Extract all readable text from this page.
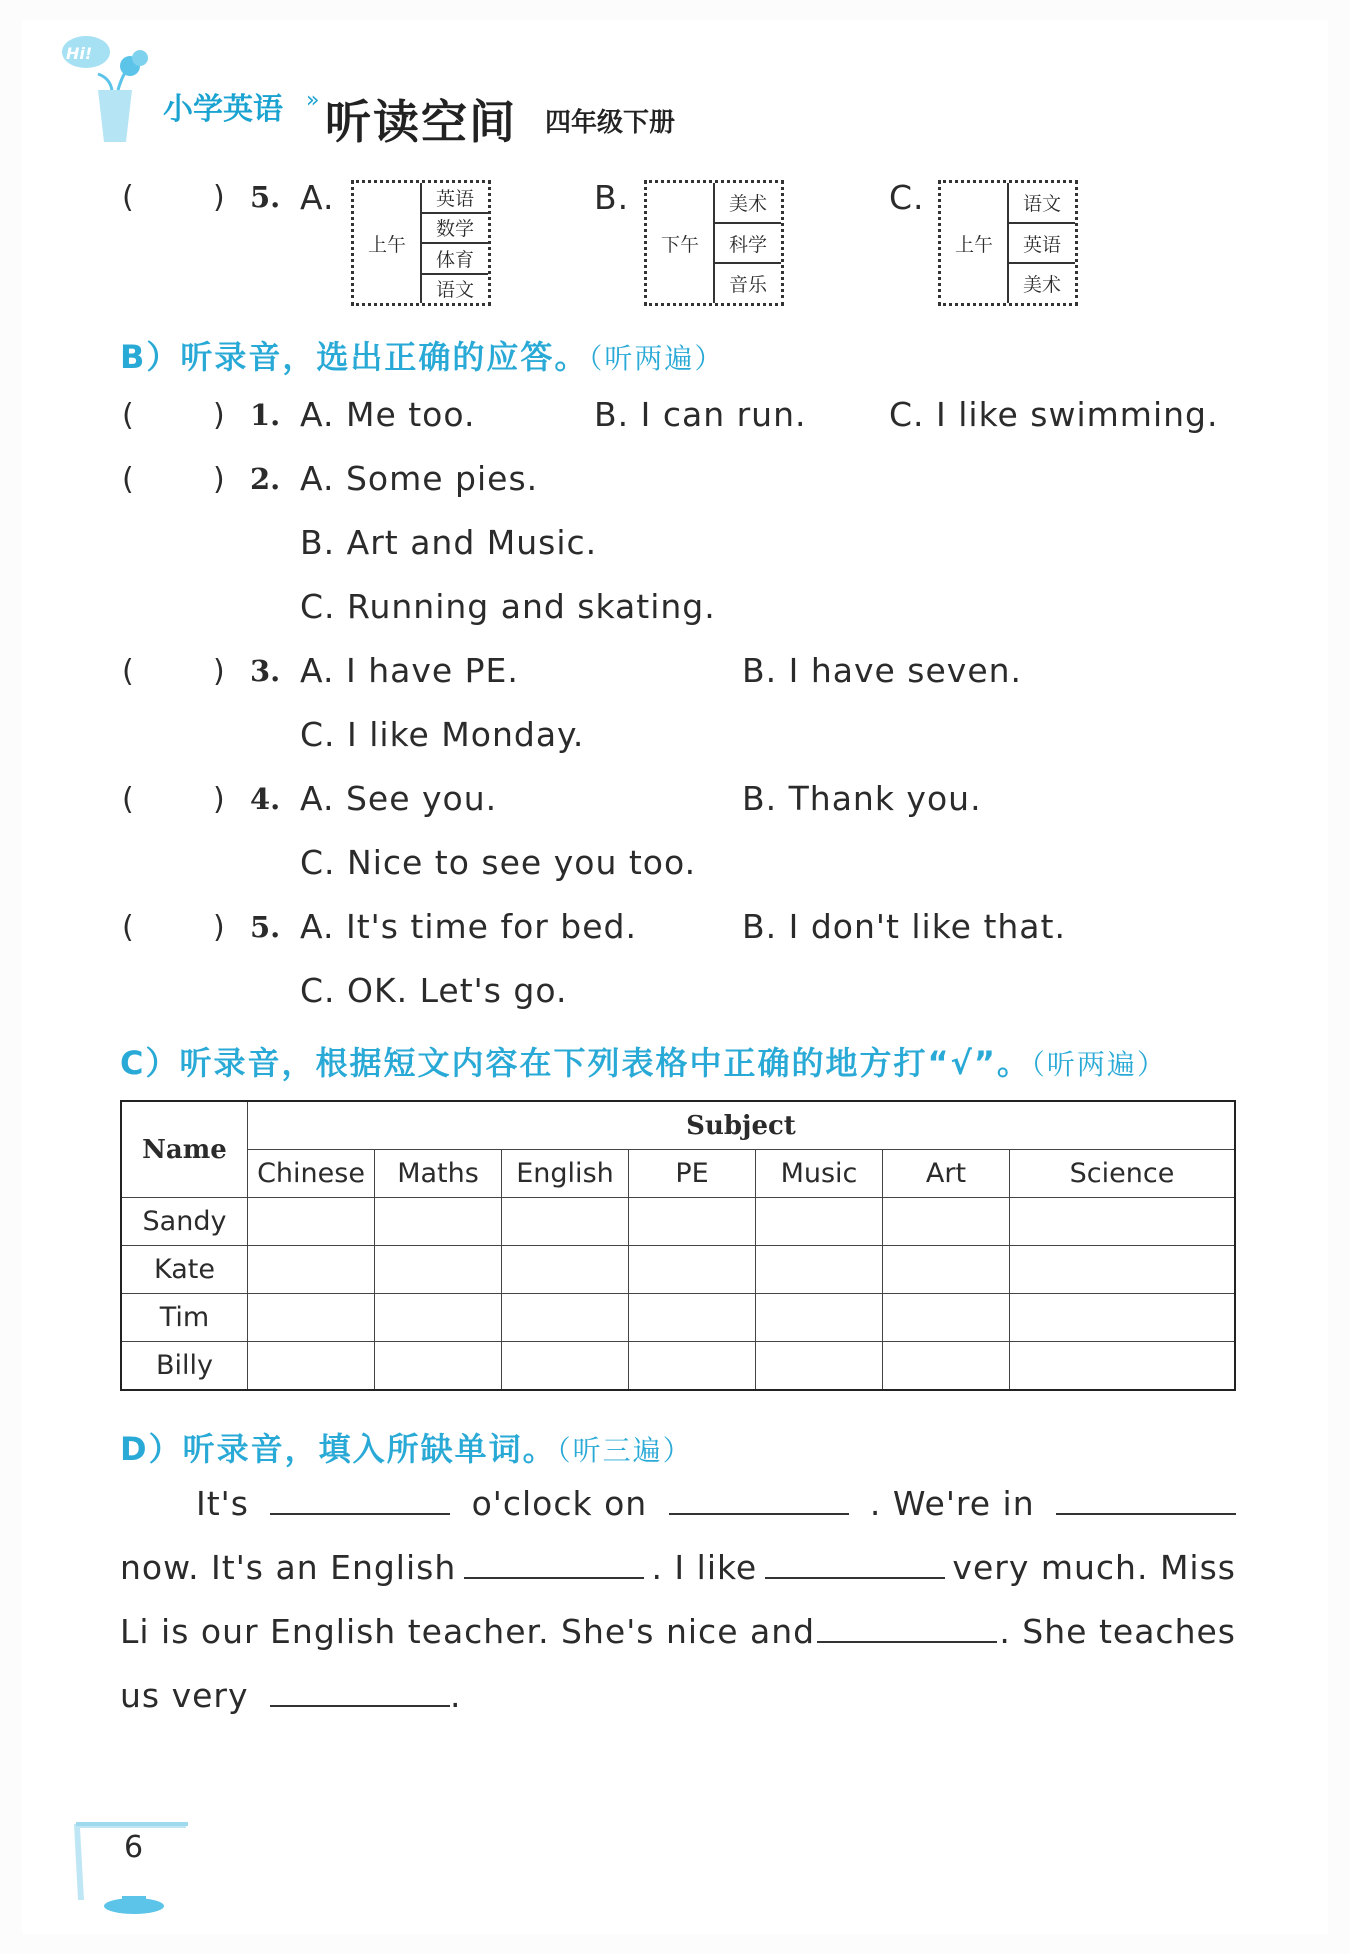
Hi!
小学英语 » 听读空间 四年级下册
(	) 5. A.
上午
英语
数学
体育
语文
B.
下午
美术
科学
音乐
C.
上午
语文
英语
美术
B）听录音，选出正确的应答。（听两遍）
(	) 1. A. Me too.	B. I can run.	C. I like swimming.
(	) 2. A. Some pies.
B. Art and Music.
C. Running and skating.
(	) 3. A. I have PE.	B. I have seven.
C. I like Monday.
(	) 4. A. See you.	B. Thank you.
C. Nice to see you too.
(	) 5. A. It's time for bed.	B. I don't like that.
C. OK. Let's go.
C）听录音，根据短文内容在下列表格中正确的地方打“√”。（听两遍）
Name	Subject						
	Chinese	Maths	English	PE	Music	Art	Science
Sandy							
Kate							
Tim							
Billy							
D）听录音，填入所缺单词。（听三遍）
It's	o'clock on	. We're in
now. It's an English	. I like	very much. Miss
Li is our English teacher. She's nice and	. She teaches
us very	.
6
